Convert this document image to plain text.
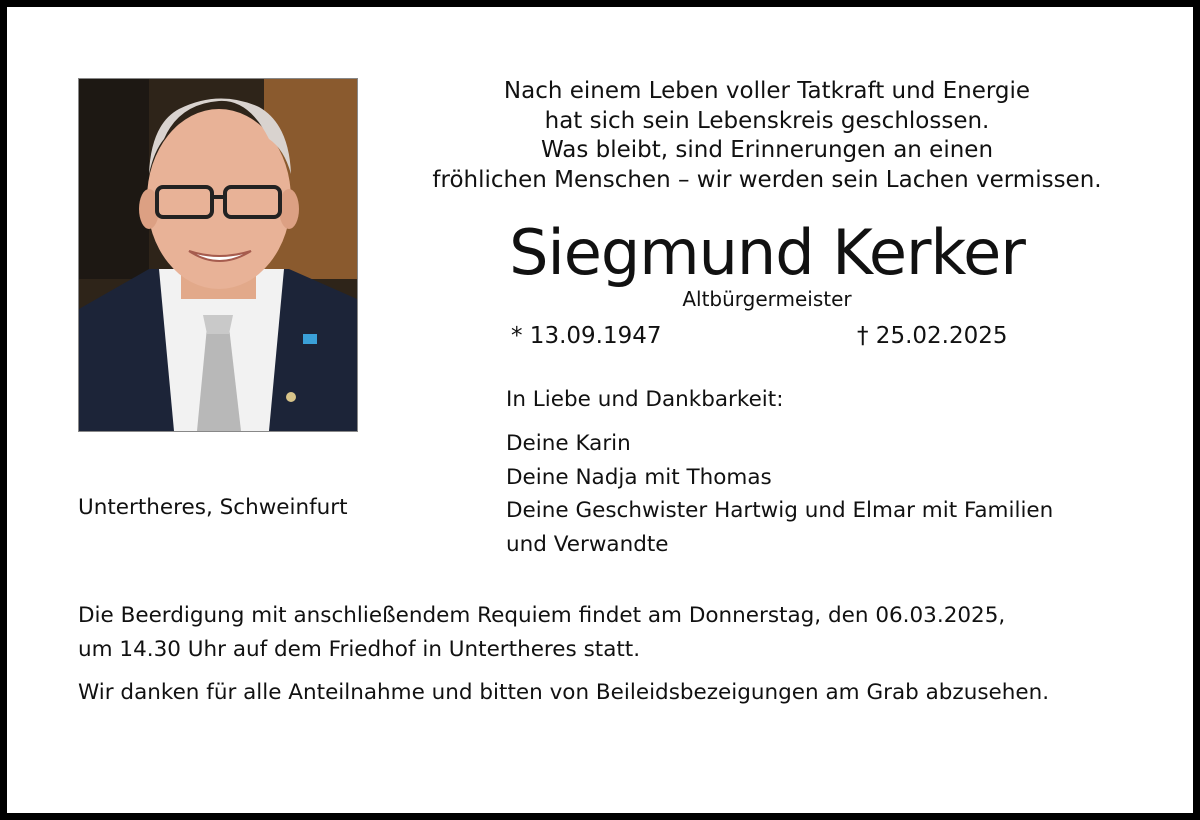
Nach einem Leben voller Tatkraft und Energie
hat sich sein Lebenskreis geschlossen.
Was bleibt, sind Erinnerungen an einen
fröhlichen Menschen – wir werden sein Lachen vermissen.
Siegmund Kerker
Altbürgermeister
* 13.09.1947	† 25.02.2025
In Liebe und Dankbarkeit:
Deine Karin
Deine Nadja mit Thomas
Deine Geschwister Hartwig und Elmar mit Familien
und Verwandte
Untertheres, Schweinfurt
Die Beerdigung mit anschließendem Requiem findet am Donnerstag, den 06.03.2025,
um 14.30 Uhr auf dem Friedhof in Untertheres statt.
Wir danken für alle Anteilnahme und bitten von Beileidsbezeigungen am Grab abzusehen.
